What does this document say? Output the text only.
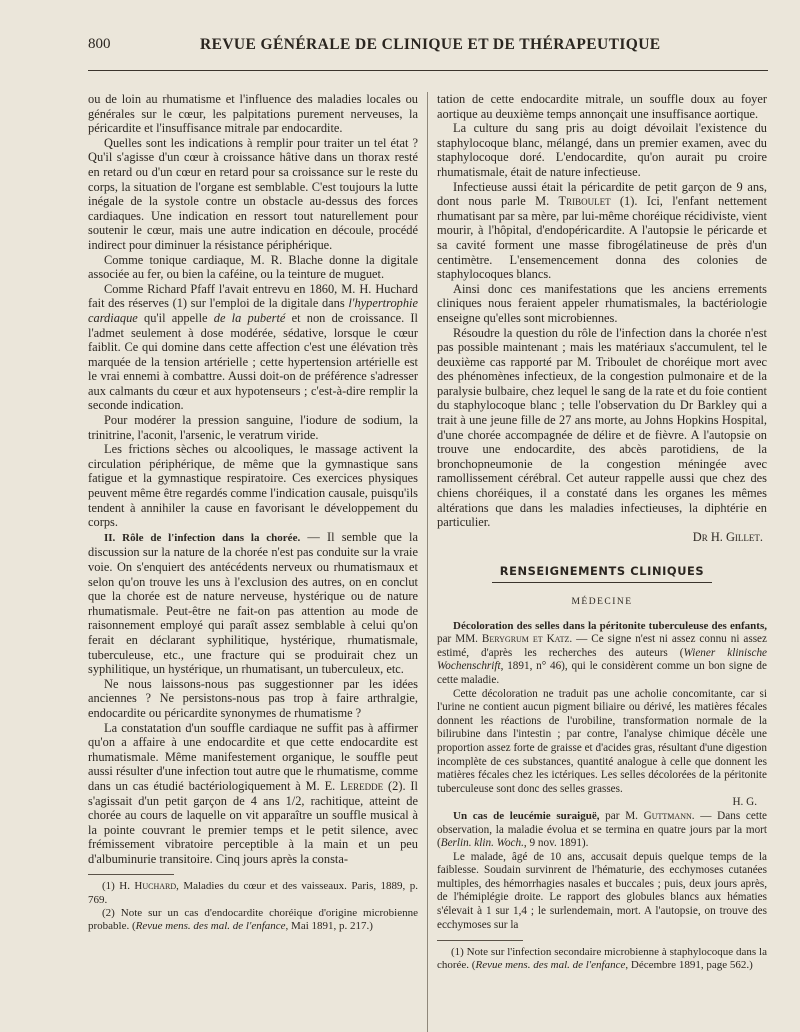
800	REVUE GÉNÉRALE DE CLINIQUE ET DE THÉRAPEUTIQUE

ou de loin au rhumatisme et l'influence des maladies locales ou générales sur le cœur, les palpitations purement nerveuses, la péricardite et l'insuffisance mitrale par endocardite.

Quelles sont les indications à remplir pour traiter un tel état ? Qu'il s'agisse d'un cœur à croissance hâtive dans un thorax resté en retard ou d'un cœur en retard pour sa croissance sur le reste du corps, la situation de l'organe est semblable. C'est toujours la lutte inégale de la systole contre un obstacle au-dessus des forces cardiaques. Une indication en ressort tout naturellement pour soutenir le cœur, mais une autre indication en découle, procédé indirect pour diminuer la résistance périphérique.

Comme tonique cardiaque, M. R. Blache donne la digitale associée au fer, ou bien la caféine, ou la teinture de muguet.

Comme Richard Pfaff l'avait entrevu en 1860, M. H. Huchard fait des réserves (1) sur l'emploi de la digitale dans l'hypertrophie cardiaque qu'il appelle de la puberté et non de croissance. Il l'admet seulement à dose modérée, sédative, lorsque le cœur faiblit. Ce qui domine dans cette affection c'est une élévation très marquée de la tension artérielle ; cette hypertension artérielle est le vrai ennemi à combattre. Aussi doit-on de préférence s'adresser aux calmants du cœur et aux hypotenseurs ; c'est-à-dire remplir la seconde indication.

Pour modérer la pression sanguine, l'iodure de sodium, la trinitrine, l'aconit, l'arsenic, le veratrum viride.

Les frictions sèches ou alcooliques, le massage activent la circulation périphérique, de même que la gymnastique sans fatigue et la gymnastique respiratoire. Ces exercices physiques peuvent même être regardés comme l'indication causale, puisqu'ils tendent à annihiler la cause en favorisant le développement du corps.

II. Rôle de l'infection dans la chorée. — Il semble que la discussion sur la nature de la chorée n'est pas conduite sur la vraie voie. On s'enquiert des antécédents nerveux ou rhumatismaux et selon qu'on trouve les uns à l'exclusion des autres, on en conclut que la chorée est de nature nerveuse, hystérique ou de nature rhumatismale. Peut-être ne fait-on pas attention au mode de raisonnement employé qui paraît assez semblable à celui qu'on ferait en déclarant syphilitique, hystérique, rhumatismale, tuberculeuse, etc., une fracture qui se produirait chez un syphilitique, un hystérique, un rhumatisant, un tuberculeux, etc.

Ne nous laissons-nous pas suggestionner par les idées anciennes ? Ne persistons-nous pas trop à faire arthralgie, endocardite ou péricardite synonymes de rhumatisme ?

La constatation d'un souffle cardiaque ne suffit pas à affirmer qu'on a affaire à une endocardite et que cette endocardite est rhumatismale. Même manifestement organique, le souffle peut aussi résulter d'une infection tout autre que le rhumatisme, comme dans un cas étudié bactériologiquement à M. E. Leredde (2). Il s'agissait d'un petit garçon de 4 ans 1/2, rachitique, atteint de chorée au cours de laquelle on vit apparaître un souffle musical à la pointe couvrant le premier temps et le petit silence, avec frémissement vibratoire perceptible à la main et un peu d'albuminurie transitoire. Cinq jours après la consta-

(1) H. Huchard, Maladies du cœur et des vaisseaux. Paris, 1889, p. 769.

(2) Note sur un cas d'endocardite choréique d'origine microbienne probable. (Revue mens. des mal. de l'enfance, Mai 1891, p. 217.)

tation de cette endocardite mitrale, un souffle doux au foyer aortique au deuxième temps annonçait une insuffisance aortique.

La culture du sang pris au doigt dévoilait l'existence du staphylocoque blanc, mélangé, dans un premier examen, avec du staphylocoque doré. L'endocardite, qu'on aurait pu croire rhumatismale, était de nature infectieuse.

Infectieuse aussi était la péricardite de petit garçon de 9 ans, dont nous parle M. Triboulet (1). Ici, l'enfant nettement rhumatisant par sa mère, par lui-même choréique récidiviste, vient mourir, à l'hôpital, d'endopéricardite. A l'autopsie le péricarde et sa cavité forment une masse fibrogélatineuse de près d'un centimètre. L'ensemencement donna des colonies de staphylocoques blancs.

Ainsi donc ces manifestations que les anciens errements cliniques nous feraient appeler rhumatismales, la bactériologie enseigne qu'elles sont microbiennes.

Résoudre la question du rôle de l'infection dans la chorée n'est pas possible maintenant ; mais les matériaux s'accumulent, tel le deuxième cas rapporté par M. Triboulet de choréique mort avec des phénomènes infectieux, de la congestion pulmonaire et de la paralysie bulbaire, chez lequel le sang de la rate et du foie contient du staphylocoque blanc ; telle l'observation du Dr Barkley qui a trait à une jeune fille de 27 ans morte, au Johns Hopkins Hospital, d'une chorée accompagnée de délire et de fièvre. A l'autopsie on trouve une endocardite, des abcès parotidiens, de la bronchopneumonie de la congestion méningée avec ramollissement cérébral. Cet auteur rappelle aussi que chez des chiens choréiques, il a constaté dans les organes les mêmes altérations que dans les maladies infectieuses, la diphtérie en particulier.

Dr H. Gillet.

RENSEIGNEMENTS CLINIQUES
MÉDECINE

Décoloration des selles dans la péritonite tuberculeuse des enfants, par MM. Berygrum et Katz. — Ce signe n'est ni assez connu ni assez estimé, d'après les recherches des auteurs (Wiener klinische Wochenschrift, 1891, n° 46), qui le considèrent comme un bon signe de cette maladie.

Cette décoloration ne traduit pas une acholie concomitante, car si l'urine ne contient aucun pigment biliaire ou dérivé, les matières fécales donnent les réactions de l'urobiline, transformation normale de la bilirubine dans l'intestin ; par contre, l'analyse chimique décèle une proportion assez forte de graisse et d'acides gras, résultant d'une digestion incomplète de ces substances, quantité analogue à celle que donnent les matières fécales chez les ictériques. Les selles décolorées de la péritonite tuberculeuse sont donc des selles grasses.

H. G.

Un cas de leucémie suraiguë, par M. Guttmann. — Dans cette observation, la maladie évolua et se termina en quatre jours par la mort (Berlin. klin. Woch., 9 nov. 1891).

Le malade, âgé de 10 ans, accusait depuis quelque temps de la faiblesse. Soudain survinrent de l'hématurie, des ecchymoses cutanées multiples, des hémorrhagies nasales et buccales ; puis, deux jours après, de l'hémiplégie droite. Le rapport des globules blancs aux hématies s'élevait à 1 sur 1,4 ; le surlendemain, mort. A l'autopsie, on trouve des ecchymoses sur la

(1) Note sur l'infection secondaire microbienne à staphylocoque dans la chorée. (Revue mens. des mal. de l'enfance, Décembre 1891, page 562.)
